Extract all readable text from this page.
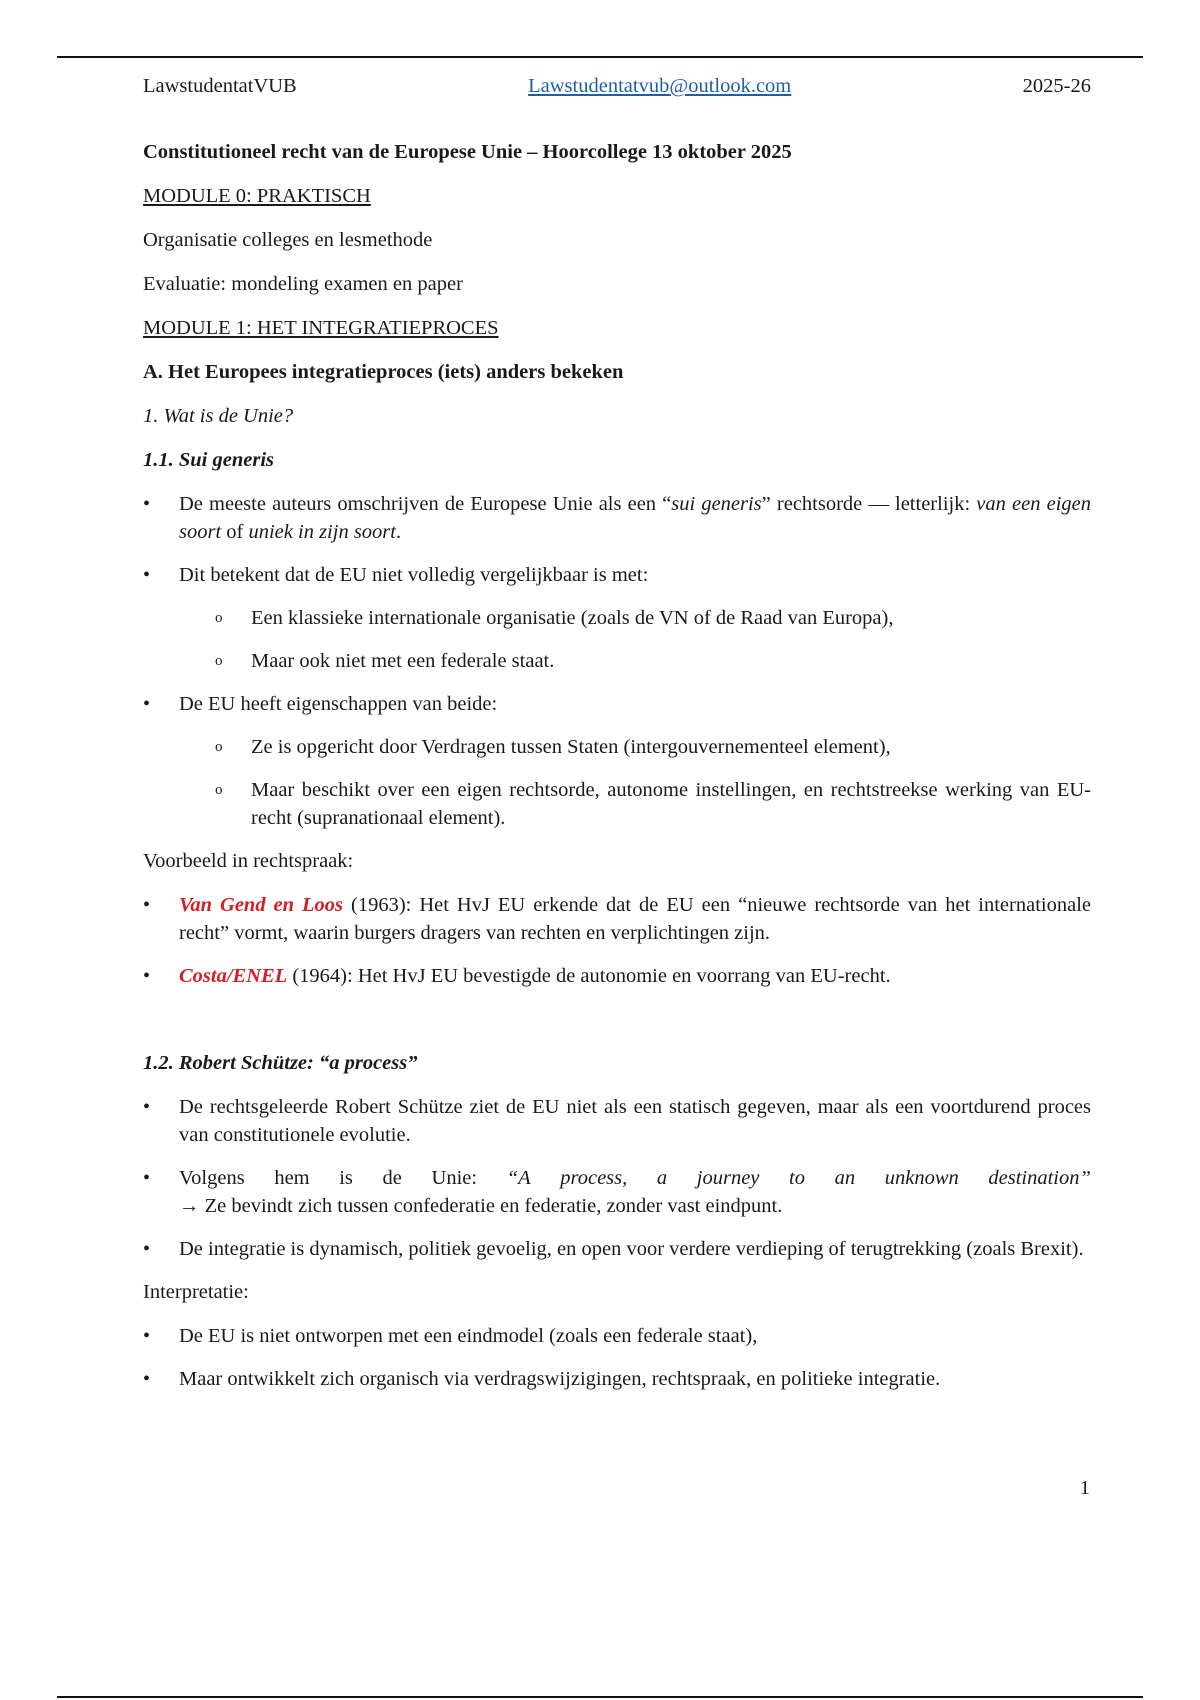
LawstudentatVUB	Lawstudentatvub@outlook.com	2025-26

Constitutioneel recht van de Europese Unie – Hoorcollege 13 oktober 2025

MODULE 0: PRAKTISCH

Organisatie colleges en lesmethode

Evaluatie: mondeling examen en paper

MODULE 1: HET INTEGRATIEPROCES

A. Het Europees integratieproces (iets) anders bekeken

1. Wat is de Unie?

1.1. Sui generis

• De meeste auteurs omschrijven de Europese Unie als een “sui generis” rechtsorde — letterlijk: van een eigen soort of uniek in zijn soort.
• Dit betekent dat de EU niet volledig vergelijkbaar is met:
o Een klassieke internationale organisatie (zoals de VN of de Raad van Europa),
o Maar ook niet met een federale staat.
• De EU heeft eigenschappen van beide:
o Ze is opgericht door Verdragen tussen Staten (intergouvernementeel element),
o Maar beschikt over een eigen rechtsorde, autonome instellingen, en rechtstreekse werking van EU-recht (supranationaal element).

Voorbeeld in rechtspraak:

• Van Gend en Loos (1963): Het HvJ EU erkende dat de EU een “nieuwe rechtsorde van het internationale recht” vormt, waarin burgers dragers van rechten en verplichtingen zijn.
• Costa/ENEL (1964): Het HvJ EU bevestigde de autonomie en voorrang van EU-recht.

1.2. Robert Schütze: “a process”

• De rechtsgeleerde Robert Schütze ziet de EU niet als een statisch gegeven, maar als een voortdurend proces van constitutionele evolutie.
• Volgens hem is de Unie: “A process, a journey to an unknown destination”
→ Ze bevindt zich tussen confederatie en federatie, zonder vast eindpunt.
• De integratie is dynamisch, politiek gevoelig, en open voor verdere verdieping of terugtrekking (zoals Brexit).

Interpretatie:

• De EU is niet ontworpen met een eindmodel (zoals een federale staat),
• Maar ontwikkelt zich organisch via verdragswijzigingen, rechtspraak, en politieke integratie.
1
